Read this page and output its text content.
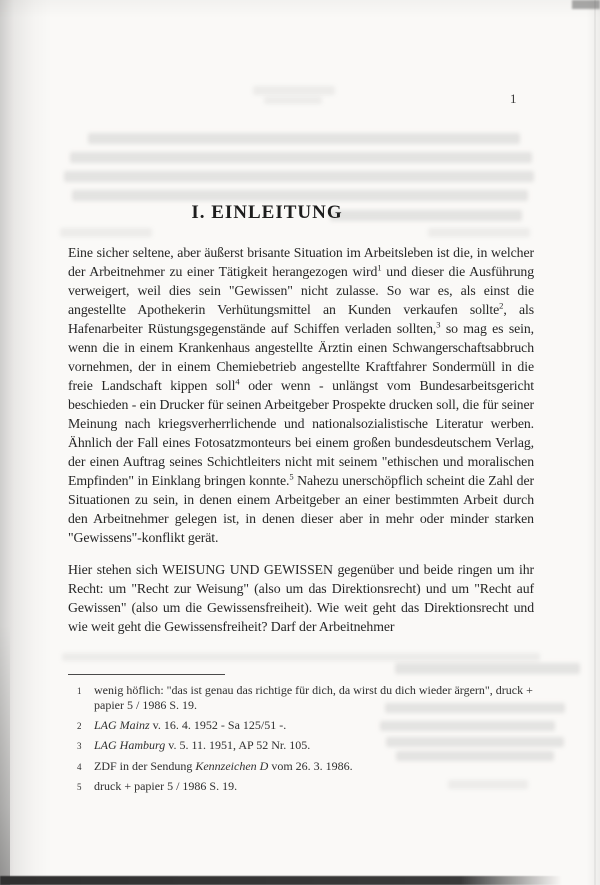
1
I. EINLEITUNG

Eine sicher seltene, aber äußerst brisante Situation im Arbeitsleben ist die, in welcher der Arbeitnehmer zu einer Tätigkeit herangezogen wird$^1$ und dieser die Ausführung verweigert, weil dies sein "Gewissen" nicht zulasse. So war es, als einst die angestellte Apothekerin Verhütungsmittel an Kunden verkaufen sollte$^2$, als Hafenarbeiter Rüstungsgegenstände auf Schiffen verladen sollten,$^3$ so mag es sein, wenn die in einem Krankenhaus angestellte Ärztin einen Schwangerschaftsabbruch vornehmen, der in einem Chemiebetrieb angestellte Kraftfahrer Sondermüll in die freie Landschaft kippen soll$^4$ oder wenn - unlängst vom Bundesarbeitsgericht beschieden - ein Drucker für seinen Arbeitgeber Prospekte drucken soll, die für seiner Meinung nach kriegsverherrlichende und nationalsozialistische Literatur werben. Ähnlich der Fall eines Fotosatzmonteurs bei einem großen bundesdeutschem Verlag, der einen Auftrag seines Schichtleiters nicht mit seinem "ethischen und moralischen Empfinden" in Einklang bringen konnte.$^5$ Nahezu unerschöpflich scheint die Zahl der Situationen zu sein, in denen einem Arbeitgeber an einer bestimmten Arbeit durch den Arbeitnehmer gelegen ist, in denen dieser aber in mehr oder minder starken "Gewissens"-konflikt gerät.

Hier stehen sich WEISUNG UND GEWISSEN gegenüber und beide ringen um ihr Recht: um "Recht zur Weisung" (also um das Direktionsrecht) und um "Recht auf Gewissen" (also um die Gewissensfreiheit). Wie weit geht das Direktionsrecht und wie weit geht die Gewissensfreiheit? Darf der Arbeitnehmer

1	wenig höflich: "das ist genau das richtige für dich, da wirst du dich wieder ärgern", druck + papier 5 / 1986 S. 19.
2	LAG Mainz v. 16. 4. 1952 - Sa 125/51 -.
3	LAG Hamburg v. 5. 11. 1951, AP 52 Nr. 105.
4	ZDF in der Sendung Kennzeichen D vom 26. 3. 1986.
5	druck + papier 5 / 1986 S. 19.
